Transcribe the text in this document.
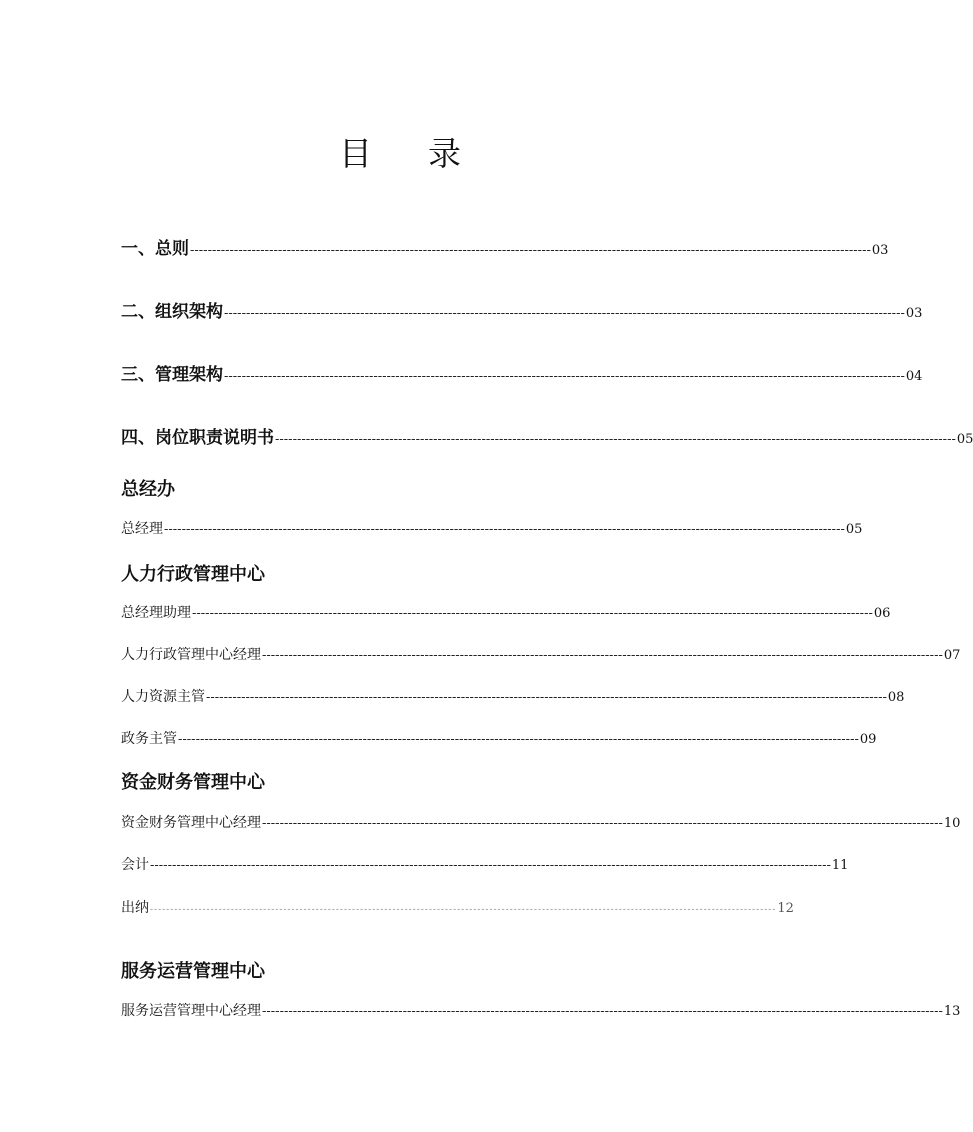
目 录
一、总则 ----------------------------------------------------------------------------------------------------------------------------------------------------------- 03
二、组织架构 ----------------------------------------------------------------------------------------------------------------------------------------------------------- 03
三、管理架构 ----------------------------------------------------------------------------------------------------------------------------------------------------------- 04
四、岗位职责说明书 ----------------------------------------------------------------------------------------------------------------------------------------------------------- 05
总经办
总经理 ----------------------------------------------------------------------------------------------------------------------------------------------------------- 05
人力行政管理中心
总经理助理 ----------------------------------------------------------------------------------------------------------------------------------------------------------- 06
人力行政管理中心经理 ----------------------------------------------------------------------------------------------------------------------------------------------------------- 07
人力资源主管 ----------------------------------------------------------------------------------------------------------------------------------------------------------- 08
政务主管 ----------------------------------------------------------------------------------------------------------------------------------------------------------- 09
资金财务管理中心
资金财务管理中心经理 ----------------------------------------------------------------------------------------------------------------------------------------------------------- 10
会计 ----------------------------------------------------------------------------------------------------------------------------------------------------------- 11
出纳 ----------------------------------------------------------------------------------------------------------------------------------------------------------- 12
服务运营管理中心
服务运营管理中心经理 ----------------------------------------------------------------------------------------------------------------------------------------------------------- 13
